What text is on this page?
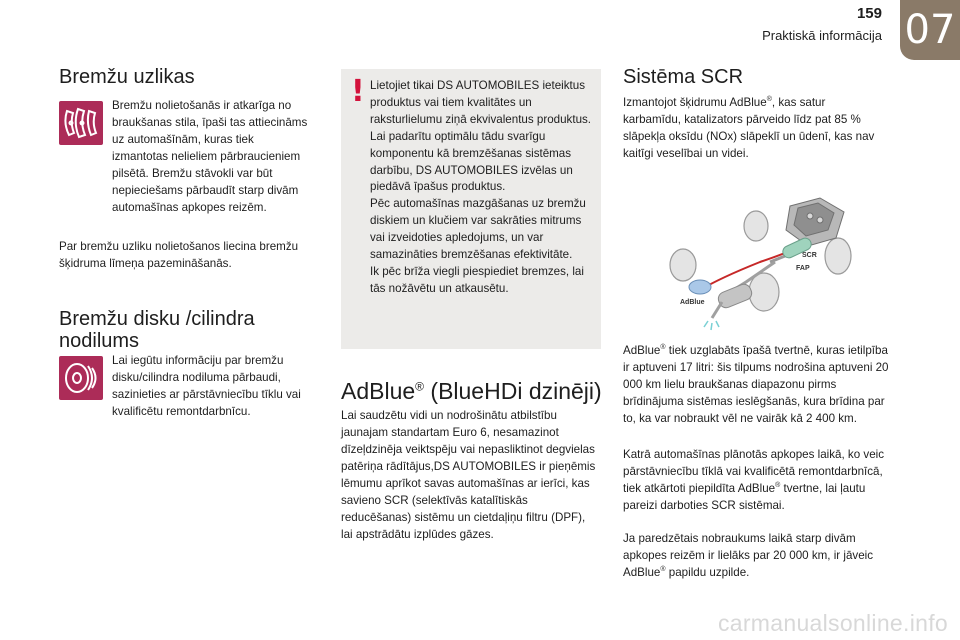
159
Praktiskā informācija 07
Bremžu uzlikas

Bremžu nolietošanās ir atkarīga no braukšanas stila, īpaši tas attiecināms uz automašīnām, kuras tiek izmantotas nelieliem pārbraucieniem pilsētā. Bremžu stāvokli var būt nepieciešams pārbaudīt starp divām automašīnas apkopes reizēm.

Par bremžu uzliku nolietošanos liecina bremžu šķidruma līmeņa pazemināšanās.

Bremžu disku /cilindra nodilums

Lai iegūtu informāciju par bremžu disku/cilindra nodiluma pārbaudi, sazinieties ar pārstāvniecību tīklu vai kvalificētu remontdarbnīcu.

! Lietojiet tikai DS AUTOMOBILES ieteiktus produktus vai tiem kvalitātes un raksturlielumu ziņā ekvivalentus produktus.

Lai padarītu optimālu tādu svarīgu komponentu kā bremzēšanas sistēmas darbību, DS AUTOMOBILES izvēlas un piedāvā īpašus produktus.

Pēc automašīnas mazgāšanas uz bremžu diskiem un klučiem var sakrāties mitrums vai izveidoties apledojums, un var samazināties bremzēšanas efektivitāte.

Ik pēc brīža viegli piespiediet bremzes, lai tās nožāvētu un atkausētu.

AdBlue® (BlueHDi dzinēji)

Lai saudzētu vidi un nodrošinātu atbilstību jaunajam standartam Euro 6, nesamazinot dīzeļdzinēja veiktspēju vai nepasliktinot degvielas patēriņa rādītājus,DS AUTOMOBILES ir pieņēmis lēmumu aprīkot savas automašīnas ar ierīci, kas savieno SCR (selektīvās katalītiskās reducēšanas) sistēmu un cietdaļiņu filtru (DPF), lai apstrādātu izplūdes gāzes.

Sistēma SCR

Izmantojot šķidrumu AdBlue®, kas satur karbamīdu, katalizators pārveido līdz pat 85 % slāpekļa oksīdu (NOx) slāpeklī un ūdenī, kas nav kaitīgi veselībai un videi.

SCR
FAP
AdBlue

AdBlue® tiek uzglabāts īpašā tvertnē, kuras ietilpība ir aptuveni 17 litri: šis tilpums nodrošina aptuveni 20 000 km lielu braukšanas diapazonu pirms brīdinājuma sistēmas ieslēgšanās, kura brīdina par to, ka var nobraukt vēl ne vairāk kā 2 400 km.

Katrā automašīnas plānotās apkopes laikā, ko veic pārstāvniecību tīklā vai kvalificētā remontdarbnīcā, tiek atkārtoti piepildīta AdBlue® tvertne, lai ļautu pareizi darboties SCR sistēmai.

Ja paredzētais nobraukums laikā starp divām apkopes reizēm ir lielāks par 20 000 km, ir jāveic AdBlue® papildu uzpilde.

carmanualsonline.info
